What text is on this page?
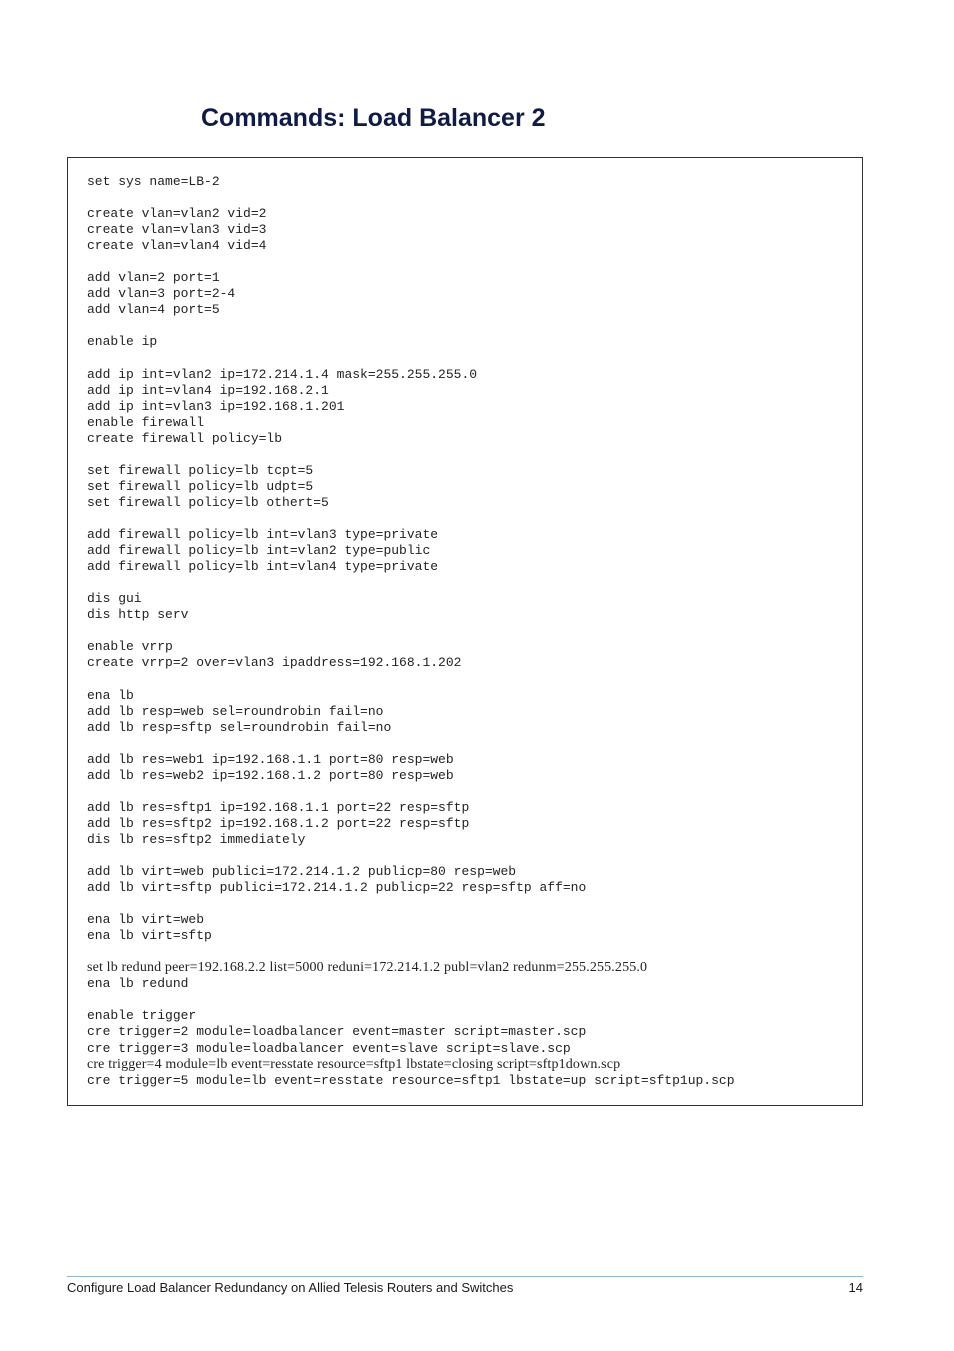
Commands: Load Balancer 2
set sys name=LB-2
create vlan=vlan2 vid=2
create vlan=vlan3 vid=3
create vlan=vlan4 vid=4
add vlan=2 port=1
add vlan=3 port=2-4
add vlan=4 port=5
enable ip
add ip int=vlan2 ip=172.214.1.4 mask=255.255.255.0
add ip int=vlan4 ip=192.168.2.1
add ip int=vlan3 ip=192.168.1.201
enable firewall
create firewall policy=lb
set firewall policy=lb tcpt=5
set firewall policy=lb udpt=5
set firewall policy=lb othert=5
add firewall policy=lb int=vlan3 type=private
add firewall policy=lb int=vlan2 type=public
add firewall policy=lb int=vlan4 type=private
dis gui
dis http serv
enable vrrp
create vrrp=2 over=vlan3 ipaddress=192.168.1.202
ena lb
add lb resp=web sel=roundrobin fail=no
add lb resp=sftp sel=roundrobin fail=no
add lb res=web1 ip=192.168.1.1 port=80 resp=web
add lb res=web2 ip=192.168.1.2 port=80 resp=web
add lb res=sftp1 ip=192.168.1.1 port=22 resp=sftp
add lb res=sftp2 ip=192.168.1.2 port=22 resp=sftp
dis lb res=sftp2 immediately
add lb virt=web publici=172.214.1.2 publicp=80 resp=web
add lb virt=sftp publici=172.214.1.2 publicp=22 resp=sftp aff=no
ena lb virt=web
ena lb virt=sftp
set lb redund peer=192.168.2.2 list=5000 reduni=172.214.1.2 publ=vlan2 redunm=255.255.255.0
ena lb redund
enable trigger
cre trigger=2 module=loadbalancer event=master script=master.scp
cre trigger=3 module=loadbalancer event=slave script=slave.scp
cre trigger=4 module=lb event=resstate resource=sftp1 lbstate=closing script=sftp1down.scp
cre trigger=5 module=lb event=resstate resource=sftp1 lbstate=up script=sftp1up.scp
Configure Load Balancer Redundancy on Allied Telesis Routers and Switches	14
